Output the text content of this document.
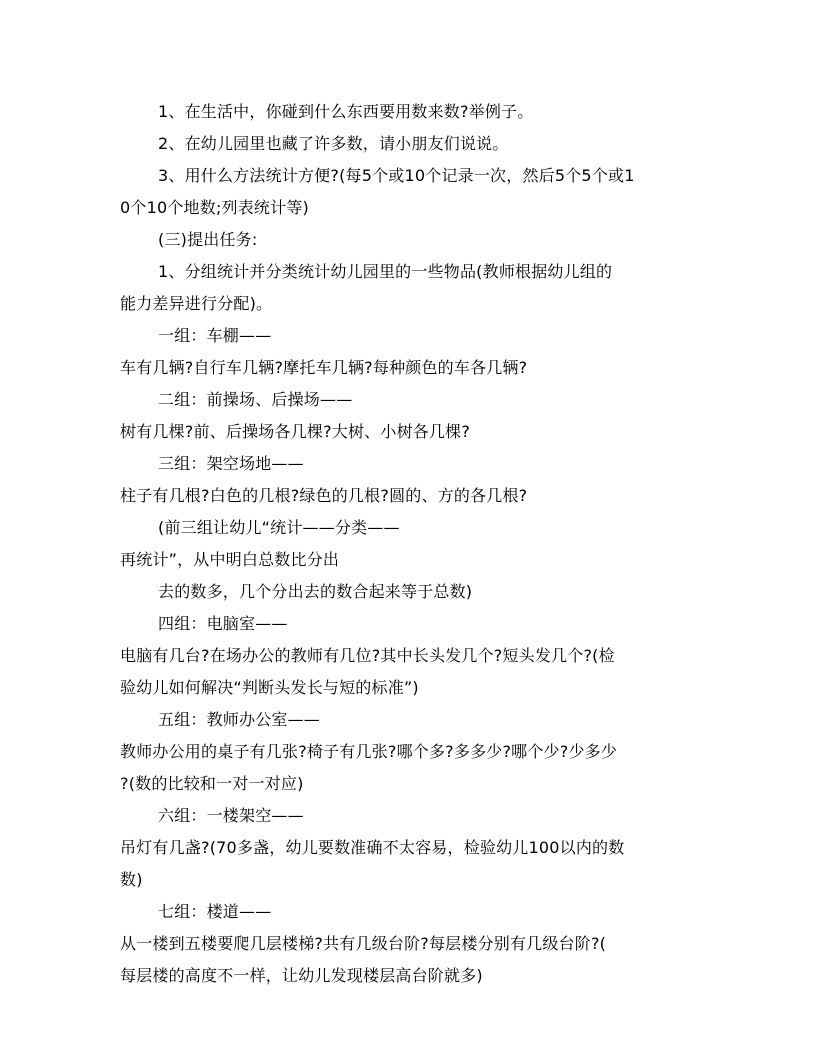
1、在生活中，你碰到什么东西要用数来数?举例子。
2、在幼儿园里也藏了许多数，请小朋友们说说。
3、用什么方法统计方便?(每5个或10个记录一次，然后5个5个或1
0个10个地数;列表统计等)
(三)提出任务:
1、分组统计并分类统计幼儿园里的一些物品(教师根据幼儿组的
能力差异进行分配)。
一组：车棚——
车有几辆?自行车几辆?摩托车几辆?每种颜色的车各几辆?
二组：前操场、后操场——
树有几棵?前、后操场各几棵?大树、小树各几棵?
三组：架空场地——
柱子有几根?白色的几根?绿色的几根?圆的、方的各几根?
(前三组让幼儿“统计——分类——
再统计”，从中明白总数比分出
去的数多，几个分出去的数合起来等于总数)
四组：电脑室——
电脑有几台?在场办公的教师有几位?其中长头发几个?短头发几个?(检
验幼儿如何解决“判断头发长与短的标准”)
五组：教师办公室——
教师办公用的桌子有几张?椅子有几张?哪个多?多多少?哪个少?少多少
?(数的比较和一对一对应)
六组：一楼架空——
吊灯有几盏?(70多盏，幼儿要数准确不太容易，检验幼儿100以内的数
数)
七组：楼道——
从一楼到五楼要爬几层楼梯?共有几级台阶?每层楼分别有几级台阶?(
每层楼的高度不一样，让幼儿发现楼层高台阶就多)
